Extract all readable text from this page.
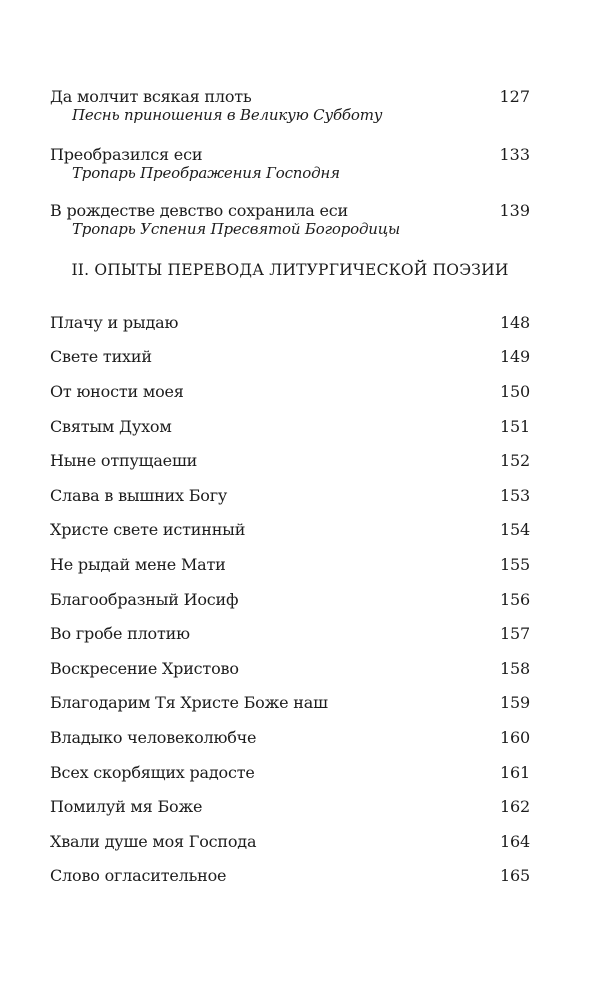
Да молчит всякая плоть	127
Песнь приношения в Великую Субботу
Преобразился еси	133
Тропарь Преображения Господня
В рождестве девство сохранила еси	139
Тропарь Успения Пресвятой Богородицы
II. ОПЫТЫ ПЕРЕВОДА ЛИТУРГИЧЕСКОЙ ПОЭЗИИ
Плачу и рыдаю	148
Свете тихий	149
От юности моея	150
Святым Духом	151
Ныне отпущаеши	152
Слава в вышних Богу	153
Христе свете истинный	154
Не рыдай мене Мати	155
Благообразный Иосиф	156
Во гробе плотию	157
Воскресение Христово	158
Благодарим Тя Христе Боже наш	159
Владыко человеколюбче	160
Всех скорбящих радосте	161
Помилуй мя Боже	162
Хвали душе моя Господа	164
Слово огласительное	165
